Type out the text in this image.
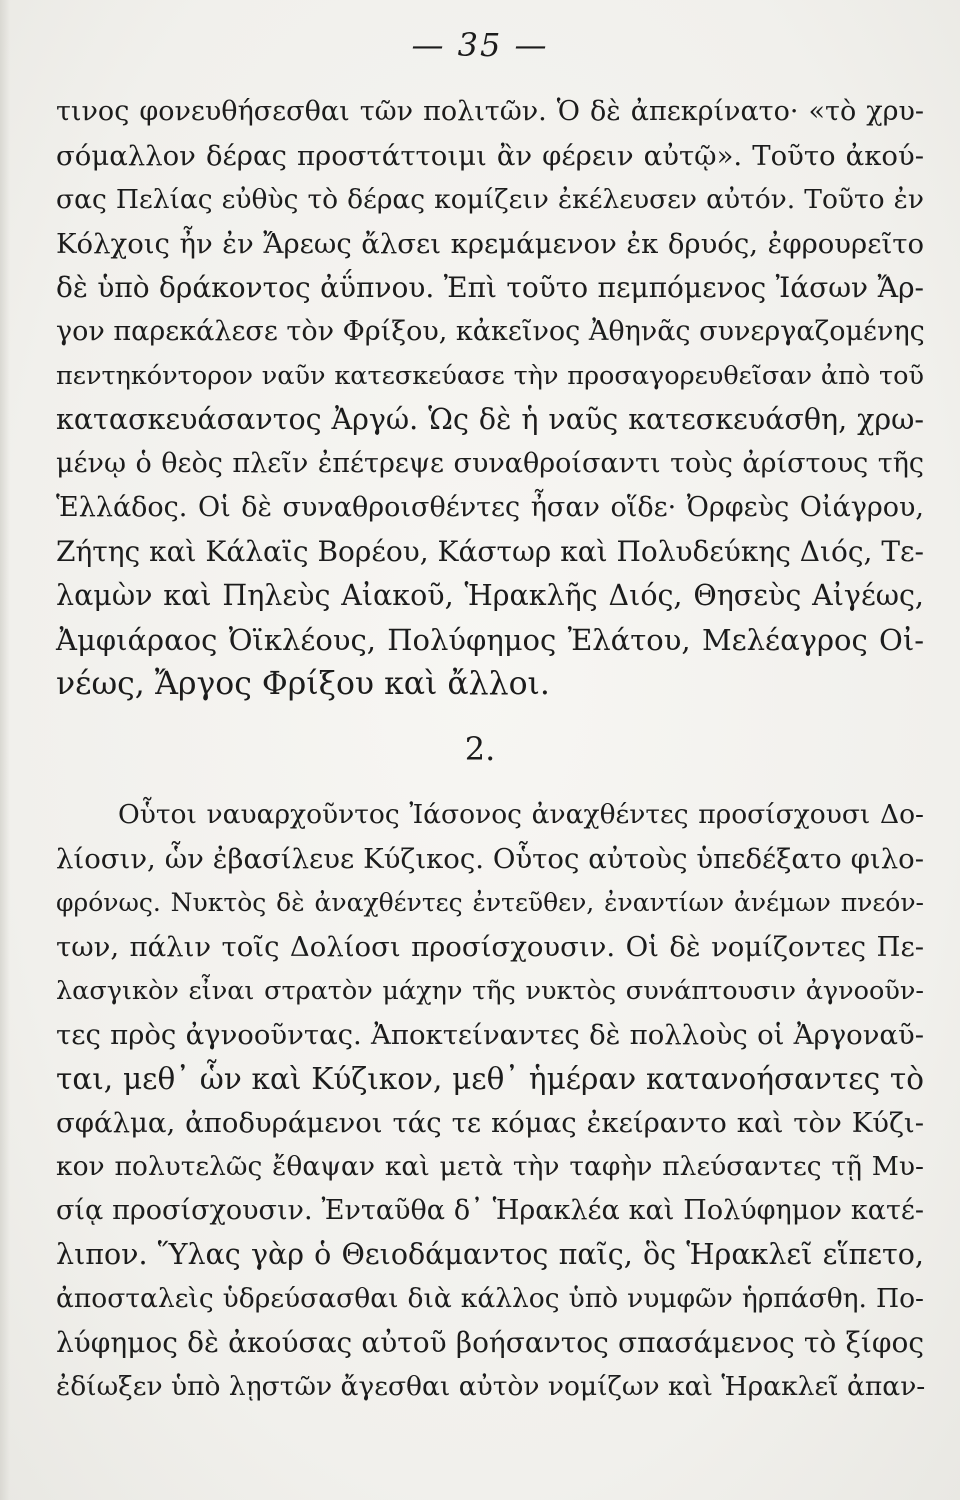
— 35 —
τινος φονευθήσεσθαι τῶν πολιτῶν. Ὁ δὲ ἀπεκρίνατο· «τὸ χρυ-
σόμαλλον δέρας προστάττοιμι ἂν φέρειν αὐτῷ». Τοῦτο ἀκού-
σας Πελίας εὐθὺς τὸ δέρας κομίζειν ἐκέλευσεν αὐτόν. Τοῦτο ἐν
Κόλχοις ἦν ἐν Ἄρεως ἄλσει κρεμάμενον ἐκ δρυός, ἐφρουρεῖτο
δὲ ὑπὸ δράκοντος ἀΰπνου. Ἐπὶ τοῦτο πεμπόμενος Ἰάσων Ἄρ-
γον παρεκάλεσε τὸν Φρίξου, κἀκεῖνος Ἀθηνᾶς συνεργαζομένης
πεντηκόντορον ναῦν κατεσκεύασε τὴν προσαγορευθεῖσαν ἀπὸ τοῦ
κατασκευάσαντος Ἀργώ. Ὡς δὲ ἡ ναῦς κατεσκευάσθη, χρω-
μένῳ ὁ θεὸς πλεῖν ἐπέτρεψε συναθροίσαντι τοὺς ἀρίστους τῆς
Ἑλλάδος. Οἱ δὲ συναθροισθέντες ἦσαν οἵδε· Ὀρφεὺς Οἰάγρου,
Ζήτης καὶ Κάλαϊς Βορέου, Κάστωρ καὶ Πολυδεύκης Διός, Τε-
λαμὼν καὶ Πηλεὺς Αἰακοῦ, Ἡρακλῆς Διός, Θησεὺς Αἰγέως,
Ἀμφιάραος Ὀϊκλέους, Πολύφημος Ἐλάτου, Μελέαγρος Οἰ-
νέως, Ἄργος Φρίξου καὶ ἄλλοι.
2.
Οὗτοι ναυαρχοῦντος Ἰάσονος ἀναχθέντες προσίσχουσι Δο-
λίοσιν, ὧν ἐβασίλευε Κύζικος. Οὗτος αὐτοὺς ὑπεδέξατο φιλο-
φρόνως. Νυκτὸς δὲ ἀναχθέντες ἐντεῦθεν, ἐναντίων ἀνέμων πνεόν-
των, πάλιν τοῖς Δολίοσι προσίσχουσιν. Οἱ δὲ νομίζοντες Πε-
λασγικὸν εἶναι στρατὸν μάχην τῆς νυκτὸς συνάπτουσιν ἀγνοοῦν-
τες πρὸς ἀγνοοῦντας. Ἀποκτείναντες δὲ πολλοὺς οἱ Ἀργοναῦ-
ται, μεθ᾽ ὧν καὶ Κύζικον, μεθ᾽ ἡμέραν κατανοήσαντες τὸ
σφάλμα, ἀποδυράμενοι τάς τε κόμας ἐκείραντο καὶ τὸν Κύζι-
κον πολυτελῶς ἔθαψαν καὶ μετὰ τὴν ταφὴν πλεύσαντες τῇ Μυ-
σίᾳ προσίσχουσιν. Ἐνταῦθα δ᾽ Ἡρακλέα καὶ Πολύφημον κατέ-
λιπον. Ὕλας γὰρ ὁ Θειοδάμαντος παῖς, ὃς Ἡρακλεῖ εἵπετο,
ἀποσταλεὶς ὑδρεύσασθαι διὰ κάλλος ὑπὸ νυμφῶν ἡρπάσθη. Πο-
λύφημος δὲ ἀκούσας αὐτοῦ βοήσαντος σπασάμενος τὸ ξίφος
ἐδίωξεν ὑπὸ λῃστῶν ἄγεσθαι αὐτὸν νομίζων καὶ Ἡρακλεῖ ἀπαν-
